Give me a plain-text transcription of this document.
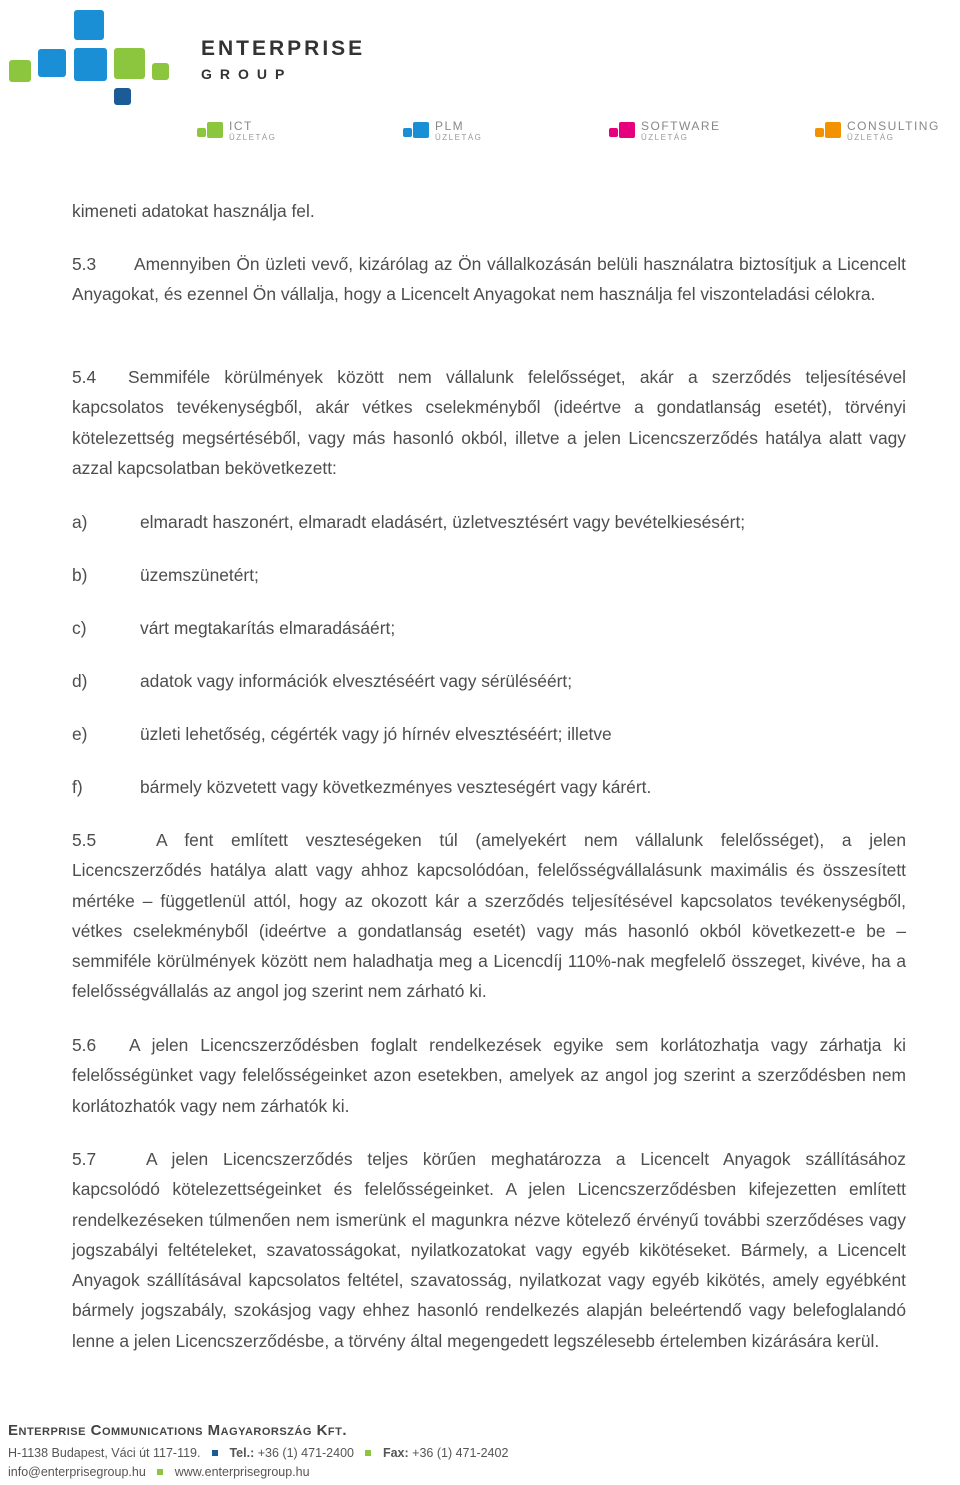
ENTERPRISE
GROUP
ICT
ÜZLETÁG
PLM
ÜZLETÁG
SOFTWARE
ÜZLETÁG
CONSULTING
ÜZLETÁG
kimeneti adatokat használja fel.
5.3 Amennyiben Ön üzleti vevő, kizárólag az Ön vállalkozásán belüli használatra biztosítjuk a Licencelt Anyagokat, és ezennel Ön vállalja, hogy a Licencelt Anyagokat nem használja fel viszonteladási célokra.
5.4 Semmiféle körülmények között nem vállalunk felelősséget, akár a szerződés teljesítésével kapcsolatos tevékenységből, akár vétkes cselekményből (ideértve a gondatlanság esetét), törvényi kötelezettség megsértéséből, vagy más hasonló okból, illetve a jelen Licencszerződés hatálya alatt vagy azzal kapcsolatban bekövetkezett:
a)	elmaradt haszonért, elmaradt eladásért, üzletvesztésért vagy bevételkiesésért;
b)	üzemszünetért;
c)	várt megtakarítás elmaradásáért;
d)	adatok vagy információk elvesztéséért vagy sérüléséért;
e)	üzleti lehetőség, cégérték vagy jó hírnév elvesztéséért; illetve
f)	bármely közvetett vagy következményes veszteségért vagy kárért.
5.5	A fent említett veszteségeken túl (amelyekért nem vállalunk felelősséget), a jelen Licencszerződés hatálya alatt vagy ahhoz kapcsolódóan, felelősségvállalásunk maximális és összesített mértéke – függetlenül attól, hogy az okozott kár a szerződés teljesítésével kapcsolatos tevékenységből, vétkes cselekményből (ideértve a gondatlanság esetét) vagy más hasonló okból következett-e be – semmiféle körülmények között nem haladhatja meg a Licencdíj 110%-nak megfelelő összeget, kivéve, ha a felelősségvállalás az angol jog szerint nem zárható ki.
5.6 A jelen Licencszerződésben foglalt rendelkezések egyike sem korlátozhatja vagy zárhatja ki felelősségünket vagy felelősségeinket azon esetekben, amelyek az angol jog szerint a szerződésben nem korlátozhatók vagy nem zárhatók ki.
5.7	A jelen Licencszerződés teljes körűen meghatározza a Licencelt Anyagok szállításához kapcsolódó kötelezettségeinket és felelősségeinket. A jelen Licencszerződésben kifejezetten említett rendelkezéseken túlmenően nem ismerünk el magunkra nézve kötelező érvényű további szerződéses vagy jogszabályi feltételeket, szavatosságokat, nyilatkozatokat vagy egyéb kikötéseket. Bármely, a Licencelt Anyagok szállításával kapcsolatos feltétel, szavatosság, nyilatkozat vagy egyéb kikötés, amely egyébként bármely jogszabály, szokásjog vagy ehhez hasonló rendelkezés alapján beleértendő vagy belefoglalandó lenne a jelen Licencszerződésbe, a törvény által megengedett legszélesebb értelemben kizárására kerül.
Enterprise Communications Magyarország Kft.
H-1138 Budapest, Váci út 117-119. Tel.: +36 (1) 471-2400 Fax: +36 (1) 471-2402
info@enterprisegroup.hu www.enterprisegroup.hu
